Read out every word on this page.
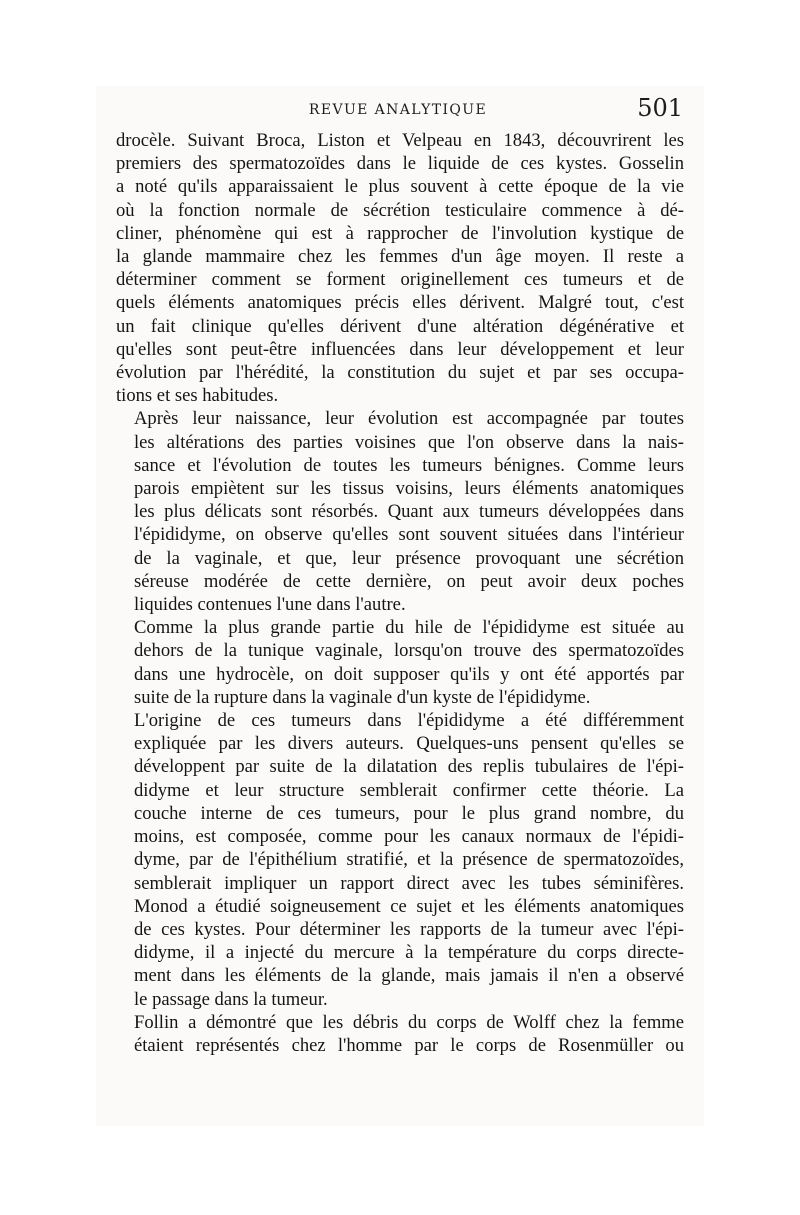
REVUE ANALYTIQUE	501

drocèle. Suivant Broca, Liston et Velpeau en 1843, découvrirent les
premiers des spermatozoïdes dans le liquide de ces kystes. Gosselin
a noté qu'ils apparaissaient le plus souvent à cette époque de la vie
où la fonction normale de sécrétion testiculaire commence à dé-
cliner, phénomène qui est à rapprocher de l'involution kystique de
la glande mammaire chez les femmes d'un âge moyen. Il reste a
déterminer comment se forment originellement ces tumeurs et de
quels éléments anatomiques précis elles dérivent. Malgré tout, c'est
un fait clinique qu'elles dérivent d'une altération dégénérative et
qu'elles sont peut-être influencées dans leur développement et leur
évolution par l'hérédité, la constitution du sujet et par ses occupa-
tions et ses habitudes.

Après leur naissance, leur évolution est accompagnée par toutes
les altérations des parties voisines que l'on observe dans la nais-
sance et l'évolution de toutes les tumeurs bénignes. Comme leurs
parois empiètent sur les tissus voisins, leurs éléments anatomiques
les plus délicats sont résorbés. Quant aux tumeurs développées dans
l'épididyme, on observe qu'elles sont souvent situées dans l'intérieur
de la vaginale, et que, leur présence provoquant une sécrétion
séreuse modérée de cette dernière, on peut avoir deux poches
liquides contenues l'une dans l'autre.

Comme la plus grande partie du hile de l'épididyme est située au
dehors de la tunique vaginale, lorsqu'on trouve des spermatozoïdes
dans une hydrocèle, on doit supposer qu'ils y ont été apportés par
suite de la rupture dans la vaginale d'un kyste de l'épididyme.

L'origine de ces tumeurs dans l'épididyme a été différemment
expliquée par les divers auteurs. Quelques-uns pensent qu'elles se
développent par suite de la dilatation des replis tubulaires de l'épi-
didyme et leur structure semblerait confirmer cette théorie. La
couche interne de ces tumeurs, pour le plus grand nombre, du
moins, est composée, comme pour les canaux normaux de l'épidi-
dyme, par de l'épithélium stratifié, et la présence de spermatozoïdes,
semblerait impliquer un rapport direct avec les tubes séminifères.
Monod a étudié soigneusement ce sujet et les éléments anatomiques
de ces kystes. Pour déterminer les rapports de la tumeur avec l'épi-
didyme, il a injecté du mercure à la température du corps directe-
ment dans les éléments de la glande, mais jamais il n'en a observé
le passage dans la tumeur.

Follin a démontré que les débris du corps de Wolff chez la femme
étaient représentés chez l'homme par le corps de Rosenmüller ou
